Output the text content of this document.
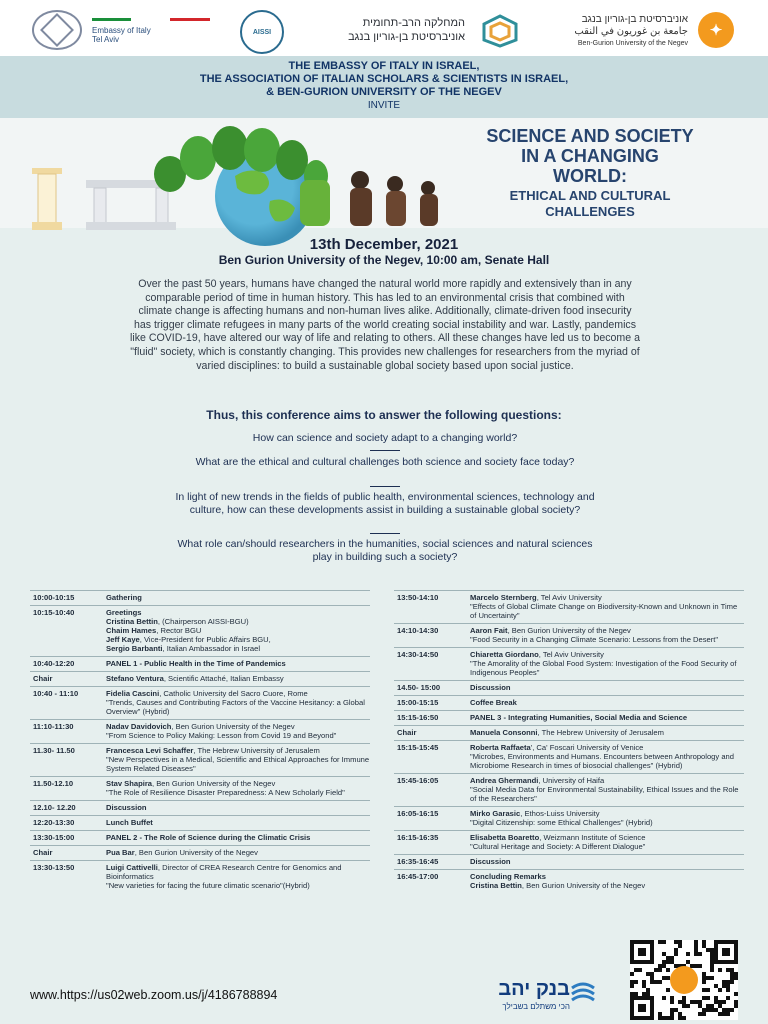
Embassy of Italy
Tel Aviv
AISSI
המחלקה הרב-תחומית
אוניברסיטת בן-גוריון בנגב
אוניברסיטת בן-גוריון בנגב
جامعة بن غوريون في النقب
Ben-Gurion University of the Negev
✦
THE EMBASSY OF ITALY IN ISRAEL,
THE ASSOCIATION OF ITALIAN SCHOLARS & SCIENTISTS IN ISRAEL,
& BEN-GURION UNIVERSITY OF THE NEGEV
INVITE
SCIENCE AND SOCIETY
IN A CHANGING
WORLD:
ETHICAL AND CULTURAL
CHALLENGES
13th December, 2021
Ben Gurion University of the Negev, 10:00 am, Senate Hall
Over the past 50 years, humans have changed the natural world more rapidly and extensively than in any comparable period of time in human history. This has led to an environmental crisis that combined with climate change is affecting humans and non-human lives alike. Additionally, climate-driven food insecurity has trigger climate refugees in many parts of the world creating social instability and war. Lastly, pandemics like COVID-19, have altered our way of life and relating to others. All these changes have led us to become a "fluid" society, which is constantly changing. This provides new challenges for researchers from the myriad of varied disciplines: to build a sustainable global society based upon social justice.
Thus, this conference aims to answer the following questions:
How can science and society adapt to a changing world?
What are the ethical and cultural challenges both science and society face today?
In light of new trends in the fields of public health, environmental sciences, technology and culture, how can these developments assist in building a sustainable global society?
What role can/should researchers in the humanities, social sciences and natural sciences play in building such a society?
10:00-10:15	Gathering
10:15-10:40	Greetings
Cristina Bettin, (Chairperson AISSI-BGU)
Chaim Hames, Rector BGU
Jeff Kaye, Vice-President for Public Affairs BGU,
Sergio Barbanti, Italian Ambassador in Israel
10:40-12:20	PANEL 1 - Public Health in the Time of Pandemics
Chair	Stefano Ventura, Scientific Attaché, Italian Embassy
10:40 - 11:10	Fidelia Cascini, Catholic University del Sacro Cuore, Rome
"Trends, Causes and Contributing Factors of the Vaccine Hesitancy: a Global Overview" (Hybrid)
11:10-11:30	Nadav Davidovich, Ben Gurion University of the Negev
"From Science to Policy Making: Lesson from Covid 19 and Beyond"
11.30- 11.50	Francesca Levi Schaffer, The Hebrew University of Jerusalem
"New Perspectives in a Medical, Scientific and Ethical Approaches for Immune System Related Diseases"
11.50-12.10	Stav Shapira, Ben Gurion University of the Negev
"The Role of Resilience Disaster Preparedness: A New Scholarly Field"
12.10- 12.20	Discussion
12:20-13:30	Lunch Buffet
13:30-15:00	PANEL 2 - The Role of Science during the Climatic Crisis
Chair	Pua Bar, Ben Gurion University of the Negev
13:30-13:50	Luigi Cattivelli, Director of CREA Research Centre for Genomics and Bioinformatics
"New varieties for facing the future climatic scenario"(Hybrid)
13:50-14:10	Marcelo Sternberg, Tel Aviv University
"Effects of Global Climate Change on Biodiversity-Known and Unknown in Time of Uncertainty"
14:10-14:30	Aaron Fait, Ben Gurion University of the Negev
"Food Security in a Changing Climate Scenario: Lessons from the Desert"
14:30-14:50	Chiaretta Giordano, Tel Aviv University
"The Amorality of the Global Food System: Investigation of the Food Security of Indigenous Peoples"
14.50- 15:00	Discussion
15:00-15:15	Coffee Break
15:15-16:50	PANEL 3 - Integrating Humanities, Social Media and Science
Chair	Manuela Consonni, The Hebrew University of Jerusalem
15:15-15:45	Roberta Raffaeta', Ca' Foscari University of Venice
"Microbes, Environments and Humans. Encounters between Anthropology and Microbiome Research in times of biosocial challenges" (Hybrid)
15:45-16:05	Andrea Ghermandi, University of Haifa
"Social Media Data for Environmental Sustainability, Ethical Issues and the Role of the Researchers"
16:05-16:15	Mirko Garasic, Ethos-Luiss University
"Digital Citizenship: some Ethical Challenges" (Hybrid)
16:15-16:35	Elisabetta Boaretto, Weizmann Institute of Science
"Cultural Heritage and Society: A Different Dialogue"
16:35-16:45	Discussion
16:45-17:00	Concluding Remarks
Cristina Bettin, Ben Gurion University of the Negev
www.https://us02web.zoom.us/j/4186788894	בנק יהב
הכי משתלם בשבילך
